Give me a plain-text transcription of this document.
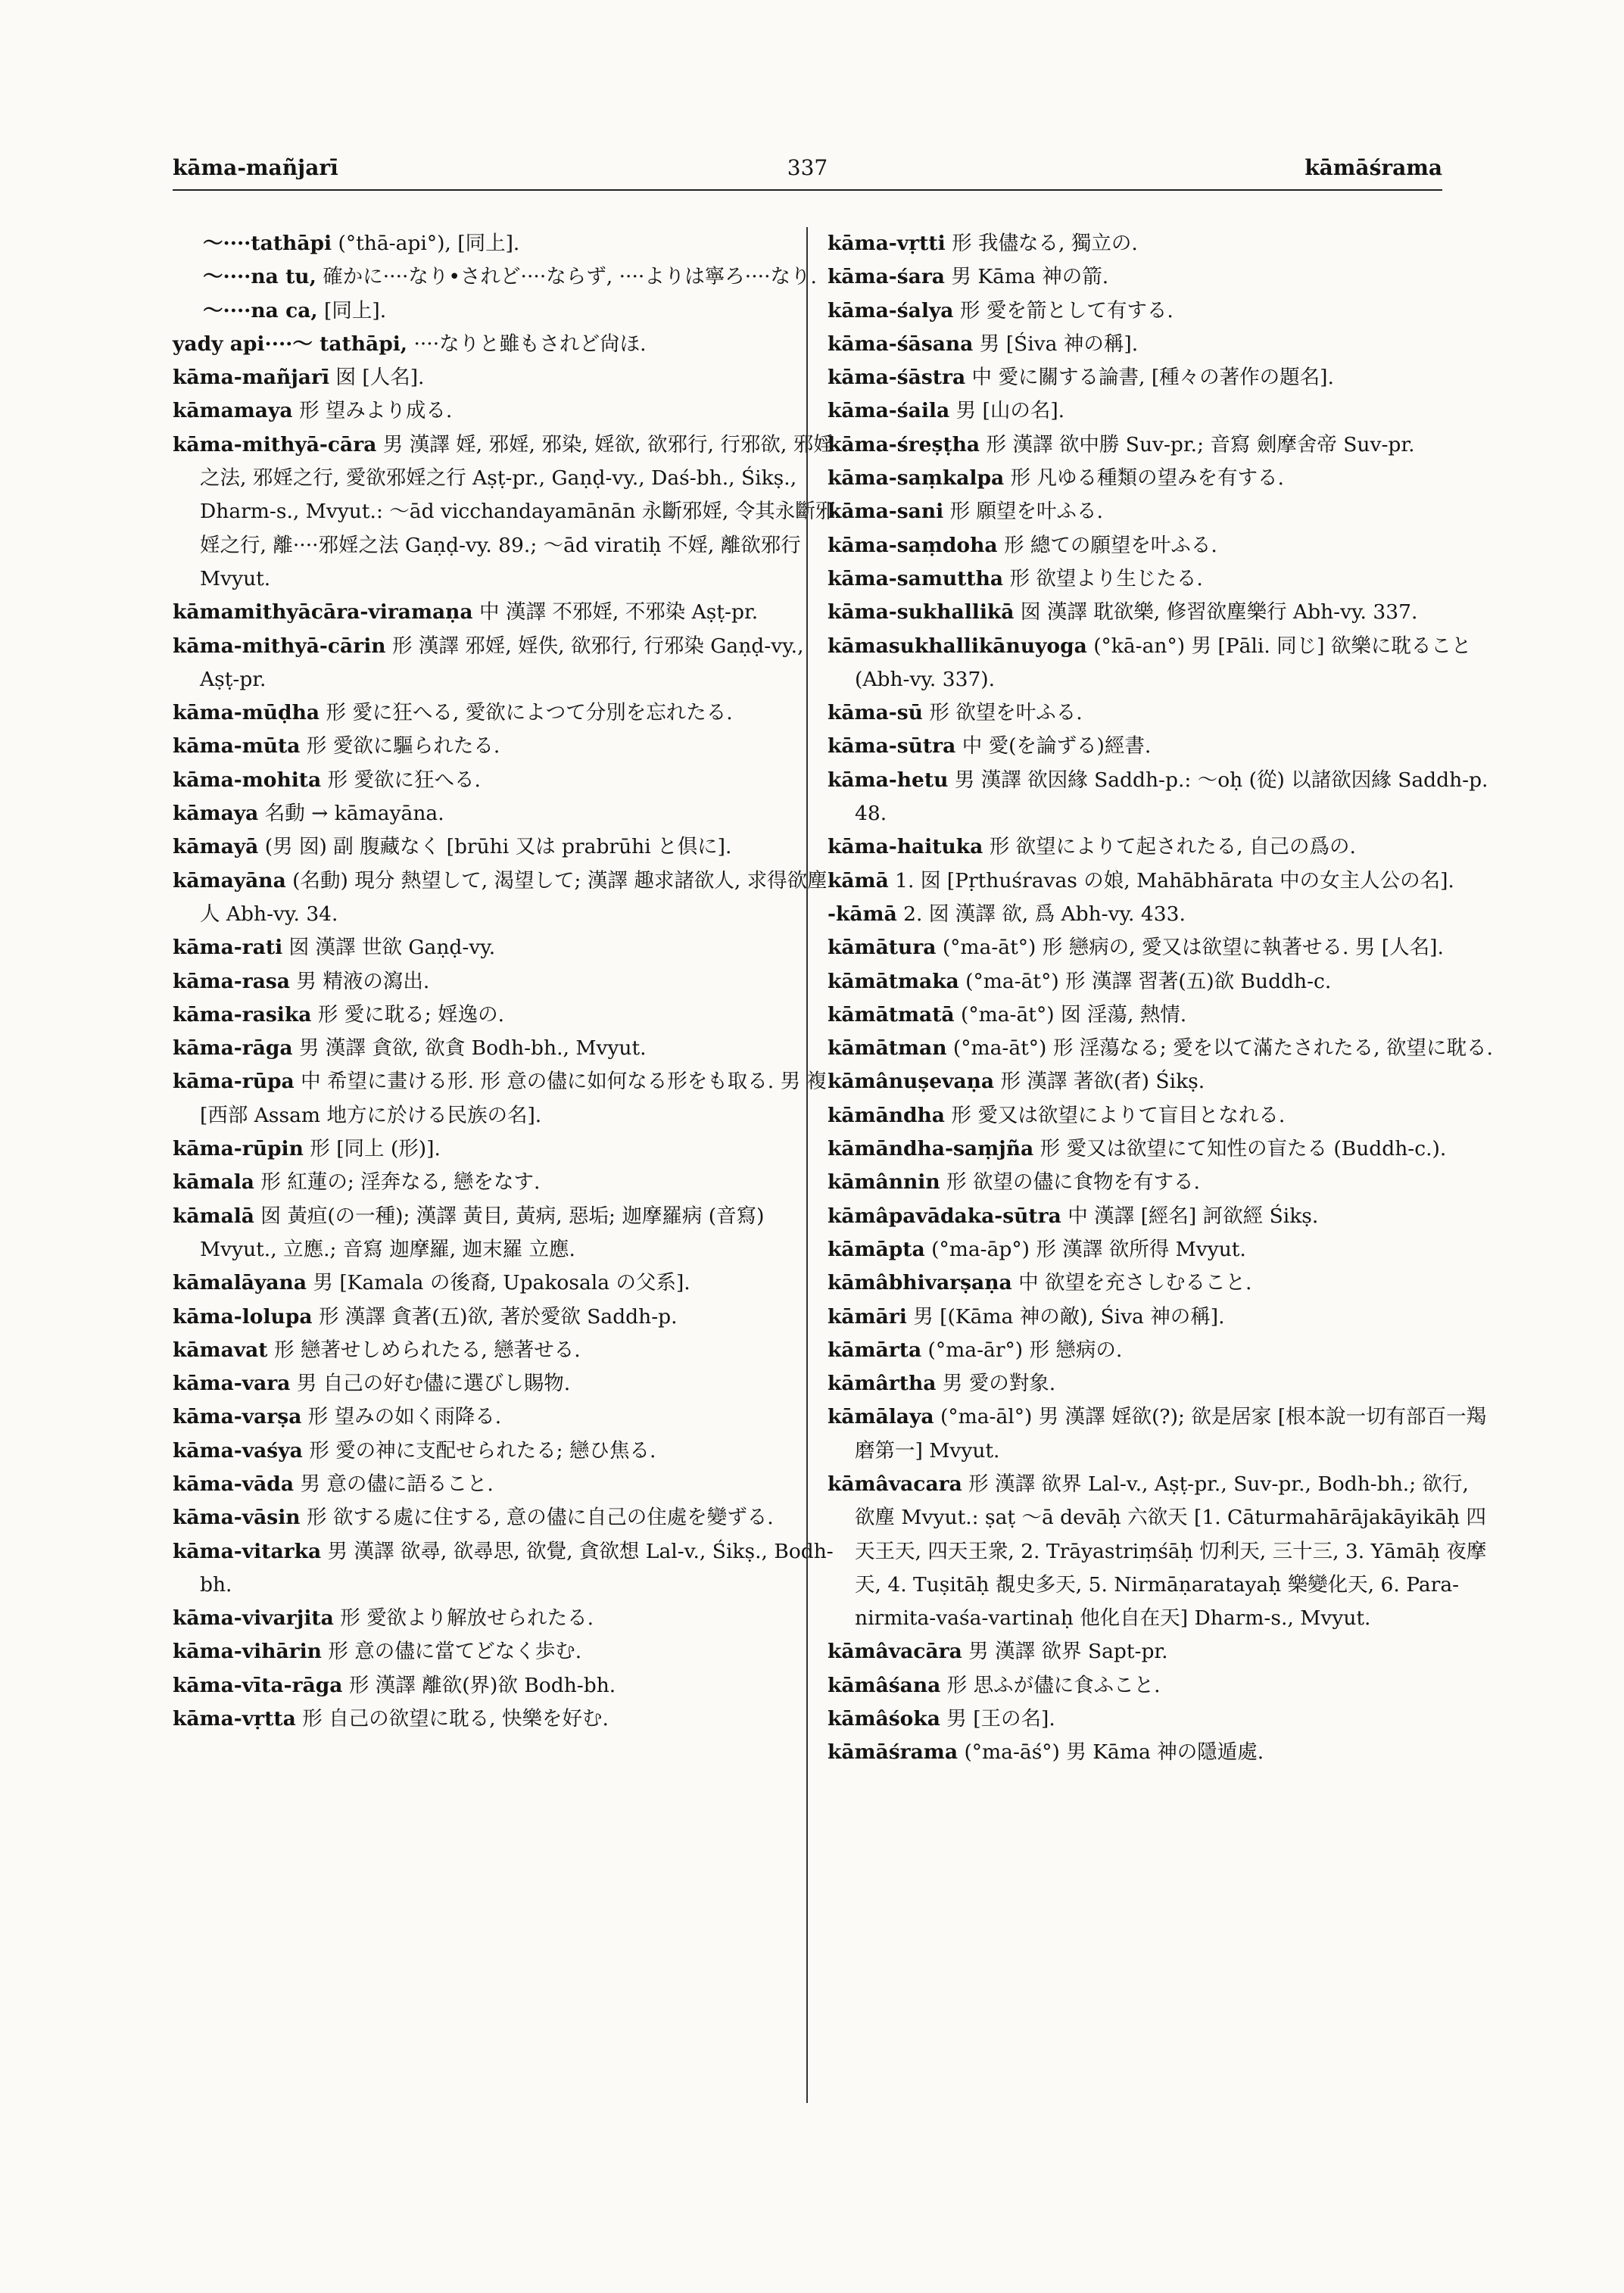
kāma-mañjarī	337	kāmāśrama
〜····tathāpi (°thā-api°), [同上].
〜····na tu, 確かに····なり•されど····ならず, ····よりは寧ろ····なり.
〜····na ca, [同上].
yady api····〜 tathāpi, ····なりと雖もされど尙ほ.
kāma-mañjarī 囡 [人名].
kāmamaya 形 望みより成る.
kāma-mithyā-cāra 男 漢譯 婬, 邪婬, 邪染, 婬欲, 欲邪行, 行邪欲, 邪婬之法, 邪婬之行, 愛欲邪婬之行 Aṣṭ-pr., Gaṇḍ-vy., Daś-bh., Śikṣ., Dharm-s., Mvyut.: 〜ād vicchandayamānān 永斷邪婬, 令其永斷邪婬之行, 離····邪婬之法 Gaṇḍ-vy. 89.; 〜ād viratiḥ 不婬, 離欲邪行 Mvyut.
kāmamithyācāra-viramaṇa 中 漢譯 不邪婬, 不邪染 Aṣṭ-pr.
kāma-mithyā-cārin 形 漢譯 邪婬, 婬佚, 欲邪行, 行邪染 Gaṇḍ-vy., Aṣṭ-pr.
kāma-mūḍha 形 愛に狂へる, 愛欲によつて分別を忘れたる.
kāma-mūta 形 愛欲に驅られたる.
kāma-mohita 形 愛欲に狂へる.
kāmaya 名動 → kāmayāna.
kāmayā (男 囡) 副 腹藏なく [brūhi 又は prabrūhi と倶に].
kāmayāna (名動) 現分 熱望して, 渴望して; 漢譯 趣求諸欲人, 求得欲塵人 Abh-vy. 34.
kāma-rati 囡 漢譯 世欲 Gaṇḍ-vy.
kāma-rasa 男 精液の瀉出.
kāma-rasika 形 愛に耽る; 婬逸の.
kāma-rāga 男 漢譯 貪欲, 欲貪 Bodh-bh., Mvyut.
kāma-rūpa 中 希望に畫ける形. 形 意の儘に如何なる形をも取る. 男 複 [西部 Assam 地方に於ける民族の名].
kāma-rūpin 形 [同上 (形)].
kāmala 形 紅蓮の; 淫奔なる, 戀をなす.
kāmalā 囡 黃疸(の一種); 漢譯 黃目, 黃病, 惡垢; 迦摩羅病 (音寫) Mvyut., 立應.; 音寫 迦摩羅, 迦末羅 立應.
kāmalāyana 男 [Kamala の後裔, Upakosala の父系].
kāma-lolupa 形 漢譯 貪著(五)欲, 著於愛欲 Saddh-p.
kāmavat 形 戀著せしめられたる, 戀著せる.
kāma-vara 男 自己の好む儘に選びし賜物.
kāma-varṣa 形 望みの如く雨降る.
kāma-vaśya 形 愛の神に支配せられたる; 戀ひ焦る.
kāma-vāda 男 意の儘に語ること.
kāma-vāsin 形 欲する處に住する, 意の儘に自己の住處を變ずる.
kāma-vitarka 男 漢譯 欲尋, 欲尋思, 欲覺, 貪欲想 Lal-v., Śikṣ., Bodh-bh.
kāma-vivarjita 形 愛欲より解放せられたる.
kāma-vihārin 形 意の儘に當てどなく歩む.
kāma-vīta-rāga 形 漢譯 離欲(界)欲 Bodh-bh.
kāma-vṛtta 形 自己の欲望に耽る, 快樂を好む.
kāma-vṛtti 形 我儘なる, 獨立の.
kāma-śara 男 Kāma 神の箭.
kāma-śalya 形 愛を箭として有する.
kāma-śāsana 男 [Śiva 神の稱].
kāma-śāstra 中 愛に關する論書, [種々の著作の題名].
kāma-śaila 男 [山の名].
kāma-śreṣṭha 形 漢譯 欲中勝 Suv-pr.; 音寫 劍摩舍帝 Suv-pr.
kāma-saṃkalpa 形 凡ゆる種類の望みを有する.
kāma-sani 形 願望を叶ふる.
kāma-saṃdoha 形 總ての願望を叶ふる.
kāma-samuttha 形 欲望より生じたる.
kāma-sukhallikā 囡 漢譯 耽欲樂, 修習欲塵樂行 Abh-vy. 337.
kāmasukhallikānuyoga (°kā-an°) 男 [Pāli. 同じ] 欲樂に耽ること (Abh-vy. 337).
kāma-sū 形 欲望を叶ふる.
kāma-sūtra 中 愛(を論ずる)經書.
kāma-hetu 男 漢譯 欲因緣 Saddh-p.: 〜oḥ (從) 以諸欲因緣 Saddh-p. 48.
kāma-haituka 形 欲望によりて起されたる, 自己の爲の.
kāmā 1. 囡 [Pṛthuśravas の娘, Mahābhārata 中の女主人公の名].
-kāmā 2. 囡 漢譯 欲, 爲 Abh-vy. 433.
kāmātura (°ma-āt°) 形 戀病の, 愛又は欲望に執著せる. 男 [人名].
kāmātmaka (°ma-āt°) 形 漢譯 習著(五)欲 Buddh-c.
kāmātmatā (°ma-āt°) 囡 淫蕩, 熱情.
kāmātman (°ma-āt°) 形 淫蕩なる; 愛を以て滿たされたる, 欲望に耽る.
kāmânuṣevaṇa 形 漢譯 著欲(者) Śikṣ.
kāmāndha 形 愛又は欲望によりて盲目となれる.
kāmāndha-saṃjña 形 愛又は欲望にて知性の盲たる (Buddh-c.).
kāmânnin 形 欲望の儘に食物を有する.
kāmâpavādaka-sūtra 中 漢譯 [經名] 訶欲經 Śikṣ.
kāmāpta (°ma-āp°) 形 漢譯 欲所得 Mvyut.
kāmâbhivarṣaṇa 中 欲望を充さしむること.
kāmāri 男 [(Kāma 神の敵), Śiva 神の稱].
kāmārta (°ma-ār°) 形 戀病の.
kāmârtha 男 愛の對象.
kāmālaya (°ma-āl°) 男 漢譯 婬欲(?); 欲是居家 [根本說一切有部百一羯磨第一] Mvyut.
kāmâvacara 形 漢譯 欲界 Lal-v., Aṣṭ-pr., Suv-pr., Bodh-bh.; 欲行, 欲塵 Mvyut.: ṣaṭ 〜ā devāḥ 六欲天 [1. Cāturmahārājakāyikāḥ 四天王天, 四天王衆, 2. Trāyastriṃśāḥ 忉利天, 三十三, 3. Yāmāḥ 夜摩天, 4. Tuṣitāḥ 覩史多天, 5. Nirmāṇaratayaḥ 樂變化天, 6. Para-nirmita-vaśa-vartinaḥ 他化自在天] Dharm-s., Mvyut.
kāmâvacāra 男 漢譯 欲界 Sapt-pr.
kāmâśana 形 思ふが儘に食ふこと.
kāmâśoka 男 [王の名].
kāmāśrama (°ma-āś°) 男 Kāma 神の隱遁處.
